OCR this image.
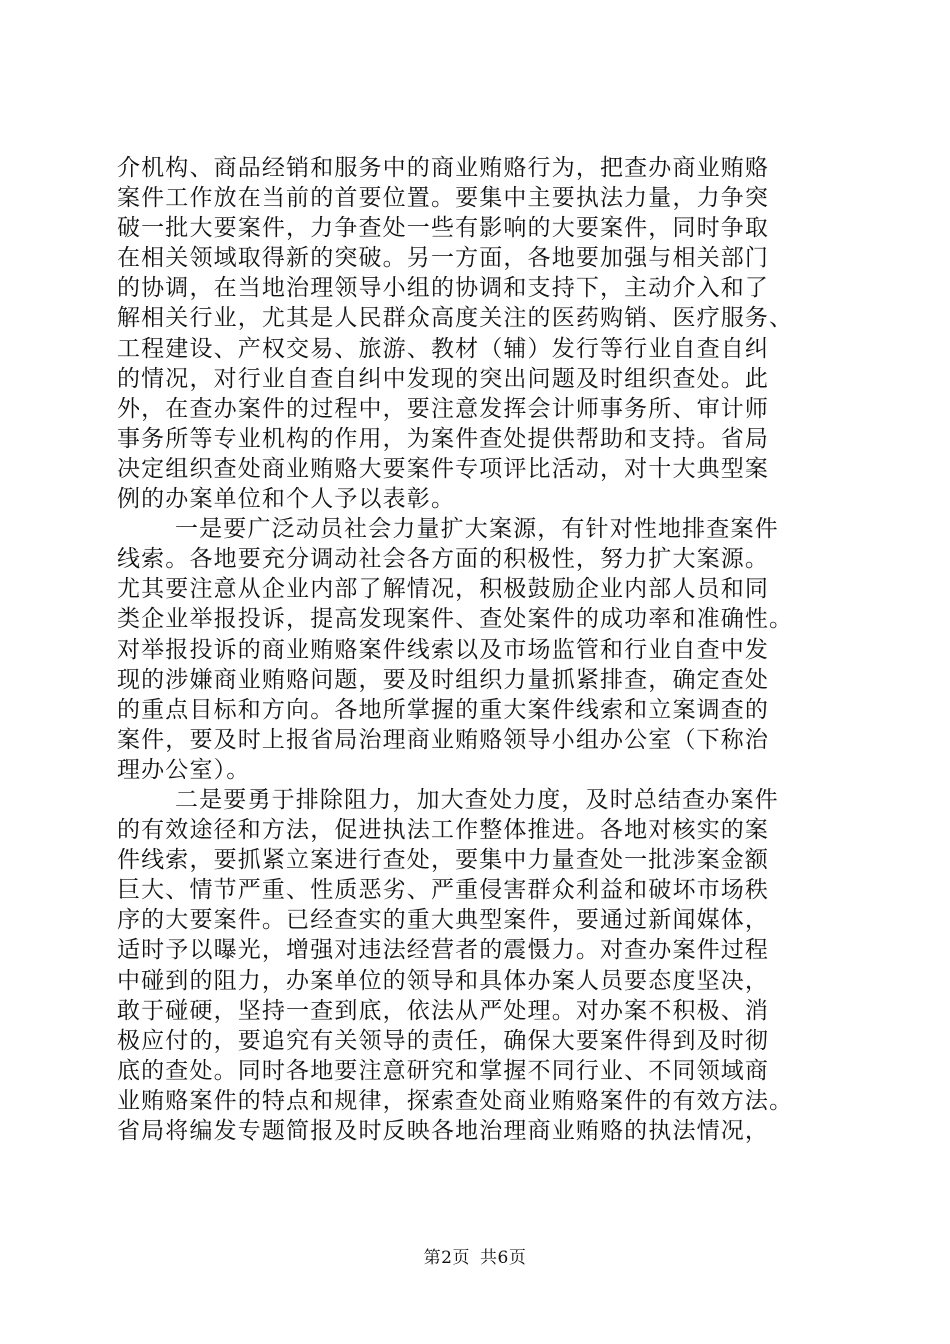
介机构、商品经销和服务中的商业贿赂行为，把查办商业贿赂
案件工作放在当前的首要位置。要集中主要执法力量，力争突
破一批大要案件，力争查处一些有影响的大要案件，同时争取
在相关领域取得新的突破。另一方面，各地要加强与相关部门
的协调，在当地治理领导小组的协调和支持下，主动介入和了
解相关行业，尤其是人民群众高度关注的医药购销、医疗服务、
工程建设、产权交易、旅游、教材（辅）发行等行业自查自纠
的情况，对行业自查自纠中发现的突出问题及时组织查处。此
外，在查办案件的过程中，要注意发挥会计师事务所、审计师
事务所等专业机构的作用，为案件查处提供帮助和支持。省局
决定组织查处商业贿赂大要案件专项评比活动，对十大典型案
例的办案单位和个人予以表彰。
一是要广泛动员社会力量扩大案源，有针对性地排查案件
线索。各地要充分调动社会各方面的积极性，努力扩大案源。
尤其要注意从企业内部了解情况，积极鼓励企业内部人员和同
类企业举报投诉，提高发现案件、查处案件的成功率和准确性。
对举报投诉的商业贿赂案件线索以及市场监管和行业自查中发
现的涉嫌商业贿赂问题，要及时组织力量抓紧排查，确定查处
的重点目标和方向。各地所掌握的重大案件线索和立案调查的
案件，要及时上报省局治理商业贿赂领导小组办公室（下称治
理办公室）。
二是要勇于排除阻力，加大查处力度，及时总结查办案件
的有效途径和方法，促进执法工作整体推进。各地对核实的案
件线索，要抓紧立案进行查处，要集中力量查处一批涉案金额
巨大、情节严重、性质恶劣、严重侵害群众利益和破坏市场秩
序的大要案件。已经查实的重大典型案件，要通过新闻媒体，
适时予以曝光，增强对违法经营者的震慑力。对查办案件过程
中碰到的阻力，办案单位的领导和具体办案人员要态度坚决，
敢于碰硬，坚持一查到底，依法从严处理。对办案不积极、消
极应付的，要追究有关领导的责任，确保大要案件得到及时彻
底的查处。同时各地要注意研究和掌握不同行业、不同领域商
业贿赂案件的特点和规律，探索查处商业贿赂案件的有效方法。
省局将编发专题简报及时反映各地治理商业贿赂的执法情况，
第2页 共6页
